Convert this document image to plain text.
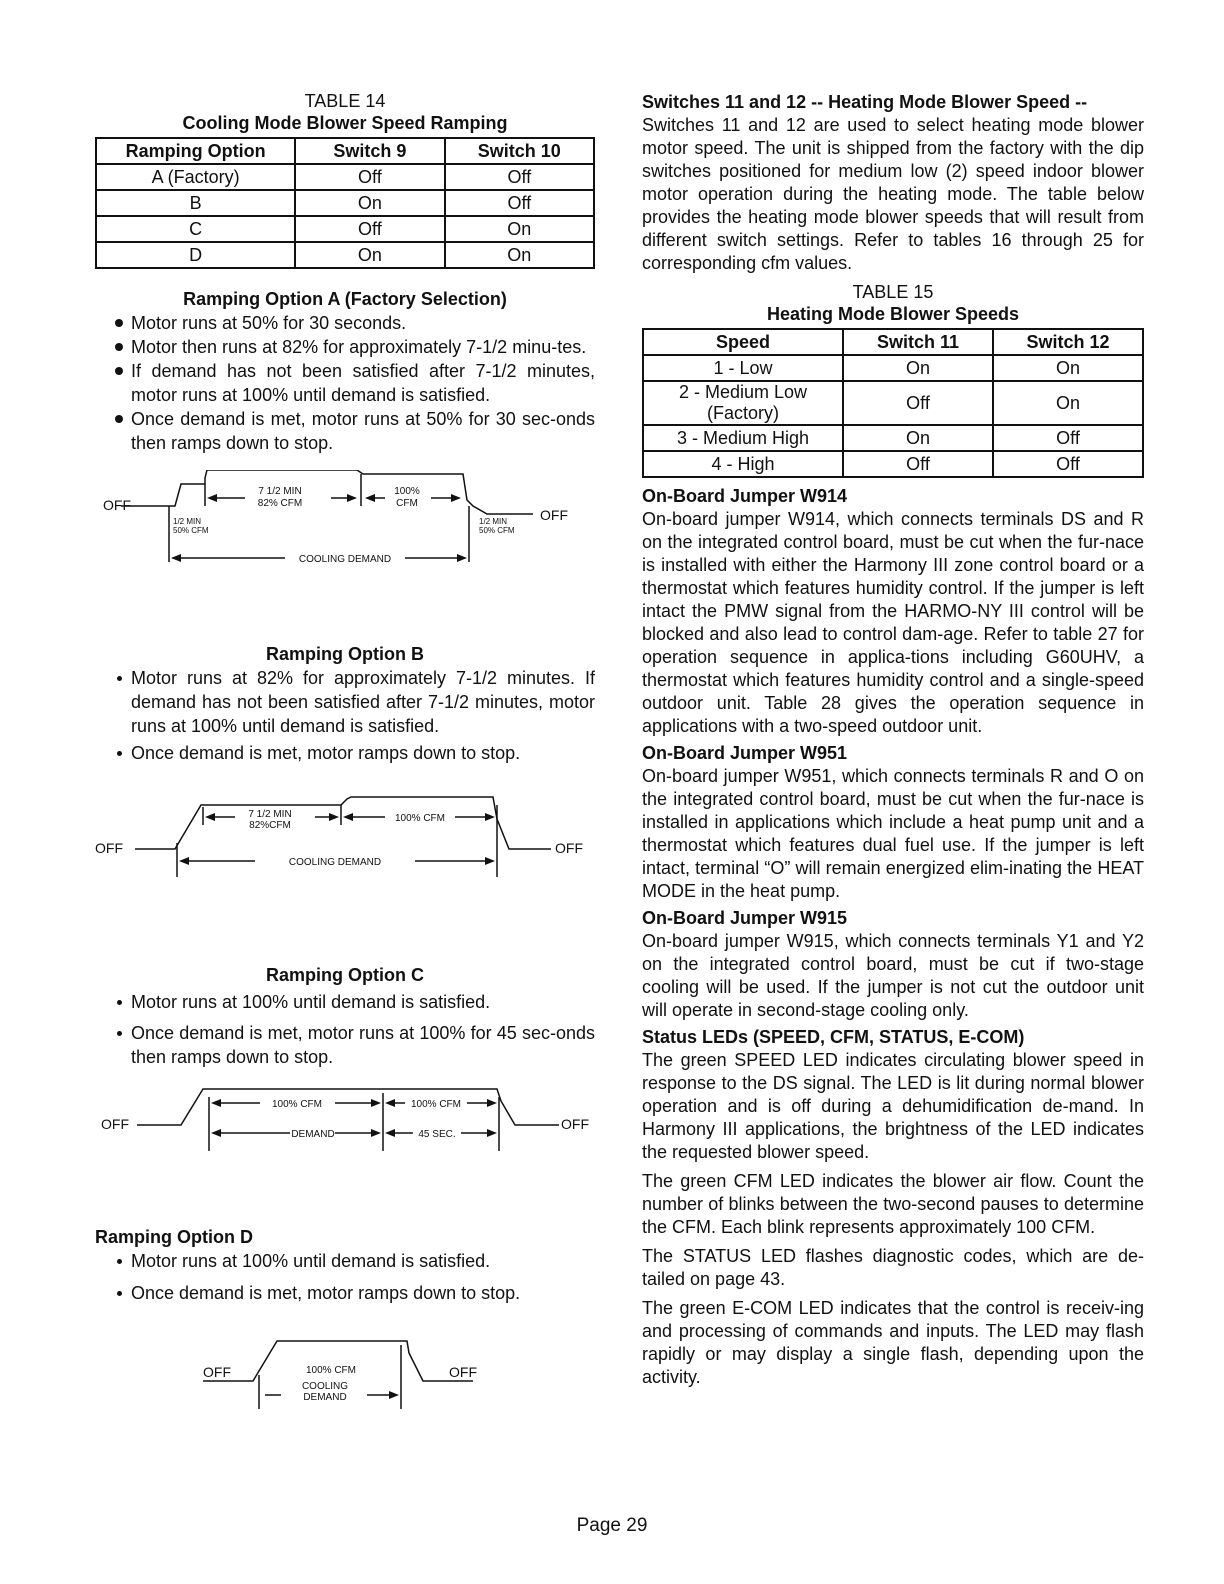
TABLE 14
Cooling Mode Blower Speed Ramping
Ramping Option	Switch 9	Switch 10
A (Factory)	Off	Off
B	On	Off
C	Off	On
D	On	On
Ramping Option A (Factory Selection)
Motor runs at 50% for 30 seconds.
Motor then runs at 82% for approximately 7-1/2 minu-tes.
If demand has not been satisfied after 7-1/2 minutes, motor runs at 100% until demand is satisfied.
Once demand is met, motor runs at 50% for 30 sec-onds then ramps down to stop.
OFF
OFF
7 1/2 MIN
82% CFM
100%
CFM
1/2 MIN
50% CFM
1/2 MIN
50% CFM
COOLING DEMAND
Ramping Option B
Motor runs at 82% for approximately 7-1/2 minutes. If demand has not been satisfied after 7-1/2 minutes, motor runs at 100% until demand is satisfied.
Once demand is met, motor ramps down to stop.
OFF	OFF
7 1/2 MIN
82%CFM
100% CFM
COOLING DEMAND
Ramping Option C
Motor runs at 100% until demand is satisfied.
Once demand is met, motor runs at 100% for 45 sec-onds then ramps down to stop.
OFF	OFF
100% CFM	100% CFM
DEMAND	45 SEC.
Ramping Option D
Motor runs at 100% until demand is satisfied.
Once demand is met, motor ramps down to stop.
OFF	OFF
100% CFM
COOLING
DEMAND
Switches 11 and 12 -- Heating Mode Blower Speed --

Switches 11 and 12 are used to select heating mode blower motor speed. The unit is shipped from the factory with the dip switches positioned for medium low (2) speed indoor blower motor operation during the heating mode. The table below provides the heating mode blower speeds that will result from different switch settings. Refer to tables 16 through 25 for corresponding cfm values.

TABLE 15
Heating Mode Blower Speeds
Speed	Switch 11	Switch 12
1 - Low	On	On
2 - Medium Low (Factory)	Off	On
3 - Medium High	On	Off
4 - High	Off	Off
On-Board Jumper W914

On-board jumper W914, which connects terminals DS and R on the integrated control board, must be cut when the fur-nace is installed with either the Harmony III zone control board or a thermostat which features humidity control. If the jumper is left intact the PMW signal from the HARMO-NY III control will be blocked and also lead to control dam-age. Refer to table 27 for operation sequence in applica-tions including G60UHV, a thermostat which features humidity control and a single-speed outdoor unit. Table 28 gives the operation sequence in applications with a two-speed outdoor unit.

On-Board Jumper W951

On-board jumper W951, which connects terminals R and O on the integrated control board, must be cut when the fur-nace is installed in applications which include a heat pump unit and a thermostat which features dual fuel use. If the jumper is left intact, terminal “O” will remain energized elim-inating the HEAT MODE in the heat pump.

On-Board Jumper W915

On-board jumper W915, which connects terminals Y1 and Y2 on the integrated control board, must be cut if two-stage cooling will be used. If the jumper is not cut the outdoor unit will operate in second-stage cooling only.

Status LEDs (SPEED, CFM, STATUS, E-COM)

The green SPEED LED indicates circulating blower speed in response to the DS signal. The LED is lit during normal blower operation and is off during a dehumidification de-mand. In Harmony III applications, the brightness of the LED indicates the requested blower speed.

The green CFM LED indicates the blower air flow. Count the number of blinks between the two-second pauses to determine the CFM. Each blink represents approximately 100 CFM.

The STATUS LED flashes diagnostic codes, which are de-tailed on page 43.

The green E-COM LED indicates that the control is receiv-ing and processing of commands and inputs. The LED may flash rapidly or may display a single flash, depending upon the activity.

Page 29
